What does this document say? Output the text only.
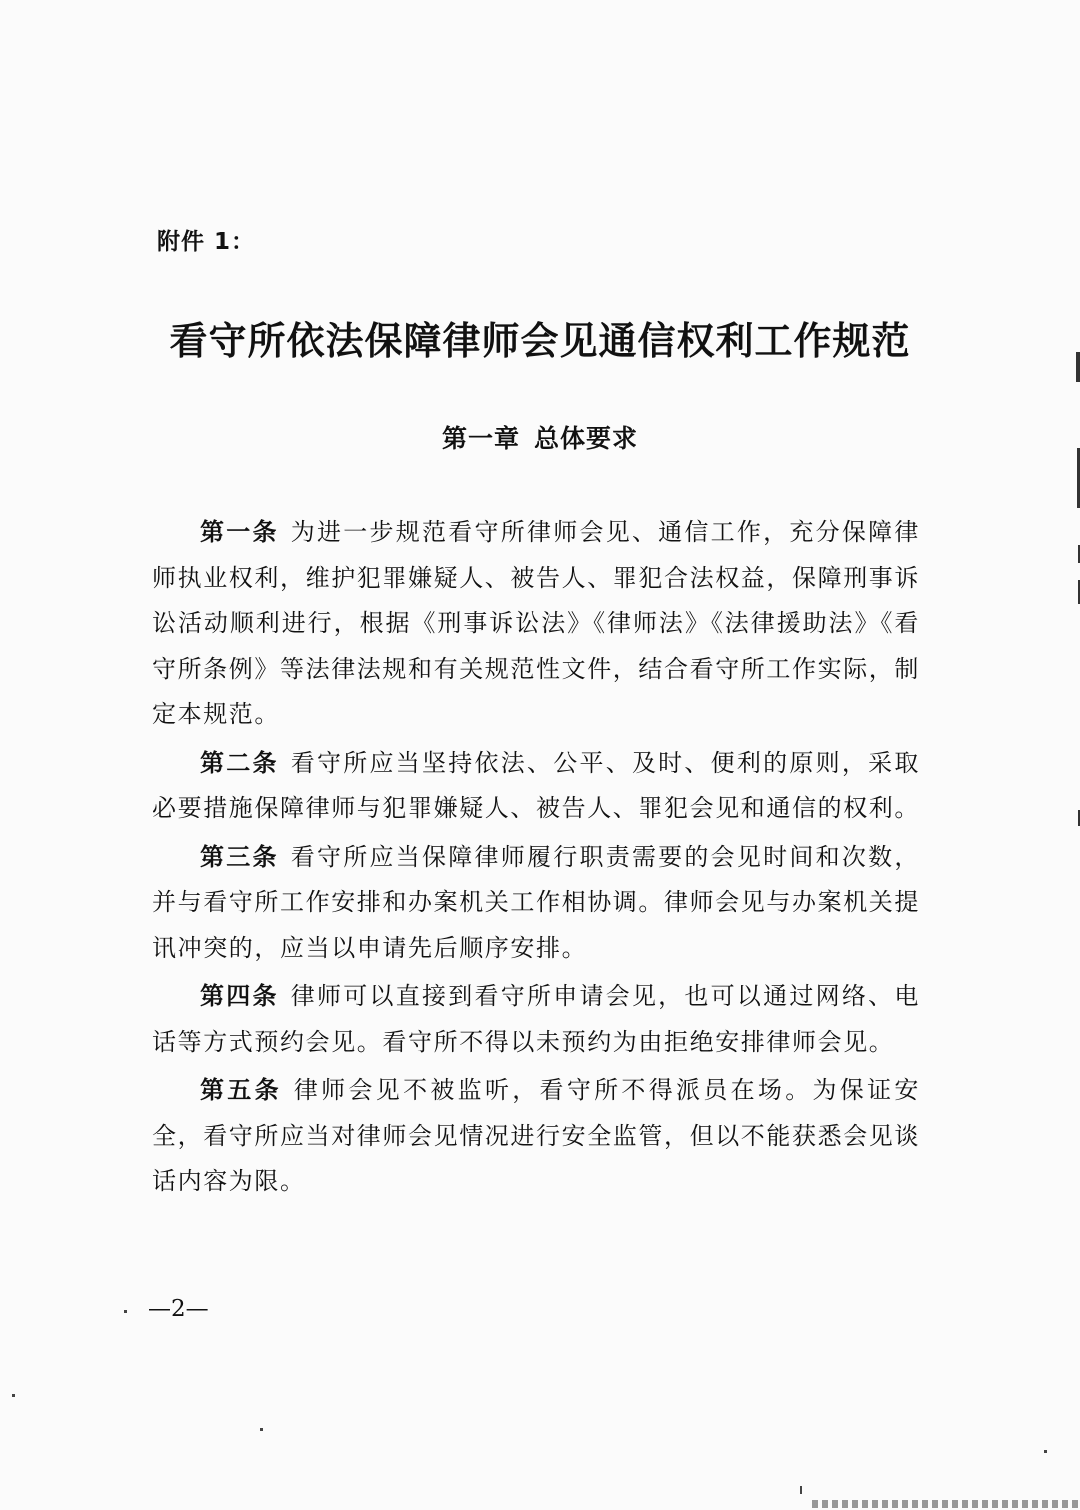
附件 1：
看守所依法保障律师会见通信权利工作规范
第一章 总体要求

第一条 为进一步规范看守所律师会见、通信工作，充分保障律师执业权利，维护犯罪嫌疑人、被告人、罪犯合法权益，保障刑事诉讼活动顺利进行，根据《刑事诉讼法》《律师法》《法律援助法》《看守所条例》等法律法规和有关规范性文件，结合看守所工作实际，制定本规范。

第二条 看守所应当坚持依法、公平、及时、便利的原则，采取必要措施保障律师与犯罪嫌疑人、被告人、罪犯会见和通信的权利。

第三条 看守所应当保障律师履行职责需要的会见时间和次数，并与看守所工作安排和办案机关工作相协调。律师会见与办案机关提讯冲突的，应当以申请先后顺序安排。

第四条 律师可以直接到看守所申请会见，也可以通过网络、电话等方式预约会见。看守所不得以未预约为由拒绝安排律师会见。

第五条 律师会见不被监听，看守所不得派员在场。为保证安全，看守所应当对律师会见情况进行安全监管，但以不能获悉会见谈话内容为限。

—2—
